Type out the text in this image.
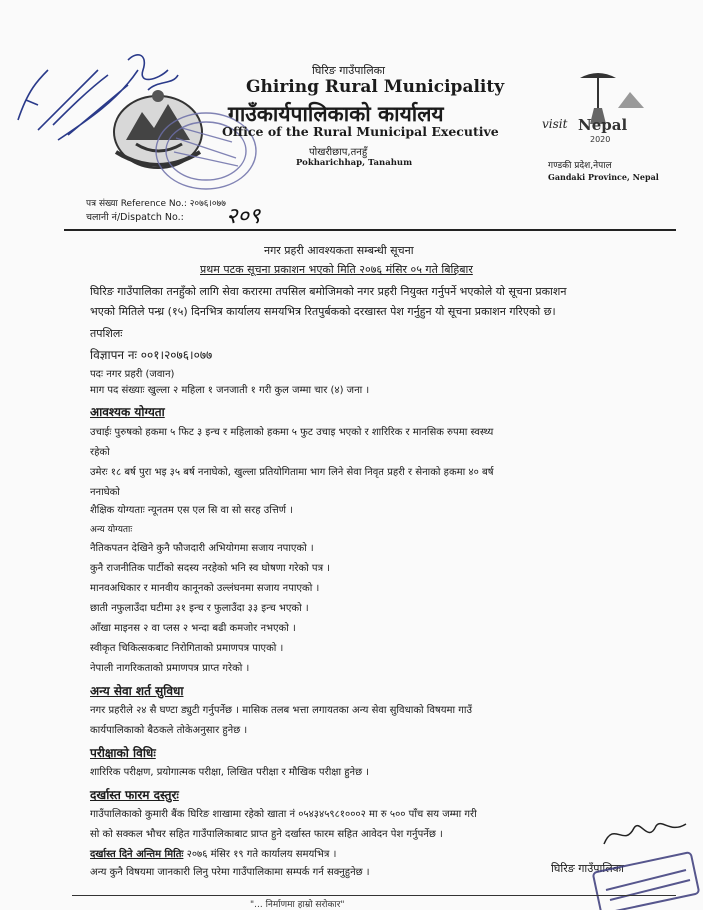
visit Nepal
2020
घिरिङ गाउँपालिका
Ghiring Rural Municipality
गाउँकार्यपालिकाको कार्यालय
Office of the Rural Municipal Executive
पोखरीछाप,तनहुँ
Pokharichhap, Tanahum	गण्डकी प्रदेश,नेपाल
Gandaki Province, Nepal
पत्र संख्या Reference No.: २०७६।०७७
चलानी नं/Dispatch No.: २०९
नगर प्रहरी आवश्यकता सम्बन्धी सूचना
प्रथम पटक सूचना प्रकाशन भएको मिति २०७६ मंसिर ०५ गते बिहिबार
घिरिङ गाउँपालिका तनहुँको लागि सेवा करारमा तपसिल बमोजिमको नगर प्रहरी नियुक्त गर्नुपर्ने भएकोले यो सूचना प्रकाशन
भएको मितिले पन्ध्र (१५) दिनभित्र कार्यालय समयभित्र रितपुर्बकको दरखास्त पेश गर्नुहुन यो सूचना प्रकाशन गरिएको छ।
तपशिलः
विज्ञापन नः ००१।२०७६।०७७
पदः नगर प्रहरी (जवान)
माग पद संख्याः खुल्ला २ महिला १ जनजाती १ गरी कुल जम्मा चार (४) जना ।
आवश्यक योग्यता
उचाईः पुरुषको हकमा ५ फिट ३ इन्च र महिलाको हकमा ५ फुट उचाइ भएको र शारिरिक र मानसिक रुपमा स्वस्थ्य
रहेको
उमेरः १८ बर्ष पुरा भइ ३५ बर्ष ननाघेको, खुल्ला प्रतियोगितामा भाग लिने सेवा निवृत प्रहरी र सेनाको हकमा ४० बर्ष
ननाघेको
शैक्षिक योग्यताः न्यूनतम एस एल सि वा सो सरह उत्तिर्ण ।
अन्य योग्यताः
नैतिकपतन देखिने कुनै फौजदारी अभियोगमा सजाय नपाएको ।
कुनै राजनीतिक पार्टीको सदस्य नरहेको भनि स्व घोषणा गरेको पत्र ।
मानवअधिकार र मानवीय कानूनको उल्लंघनमा सजाय नपाएको ।
छाती नफुलाउँदा घटीमा ३१ इन्च र फुलाउँदा ३३ इन्च भएको ।
आँखा माइनस २ वा प्लस २ भन्दा बढी कमजोर नभएको ।
स्वीकृत चिकित्सकबाट निरोगिताको प्रमाणपत्र पाएको ।
नेपाली नागरिकताको प्रमाणपत्र प्राप्त गरेको ।
अन्य सेवा शर्त सुविधा
नगर प्रहरीले २४ सै घण्टा ड्युटी गर्नुपर्नेछ । मासिक तलब भत्ता लगायतका अन्य सेवा सुविधाको विषयमा गाउँ
कार्यपालिकाको बैठकले तोकेअनुसार हुनेछ ।
परीक्षाको विधिः
शारिरिक परीक्षण, प्रयोगात्मक परीक्षा, लिखित परीक्षा र मौखिक परीक्षा हुनेछ ।
दर्खास्त फारम दस्तुरः
गाउँपालिकाको कुमारी बैंक घिरिङ शाखामा रहेको खाता नं ०५४३४५९८१०००२ मा रु ५०० पाँच सय जम्मा गरी
सो को सक्कल भौचर सहित गाउँपालिकाबाट प्राप्त हुने दर्खास्त फारम सहित आवेदन पेश गर्नुपर्नेछ ।
दर्खास्त दिने अन्तिम मितिः २०७६ मंसिर १९ गते कार्यालय समयभित्र ।
अन्य कुनै विषयमा जानकारी लिनु परेमा गाउँपालिकामा सम्पर्क गर्न सक्नुहुनेछ ।	घिरिङ गाउँपालिका
"... निर्माणमा हाम्रो सरोकार"
